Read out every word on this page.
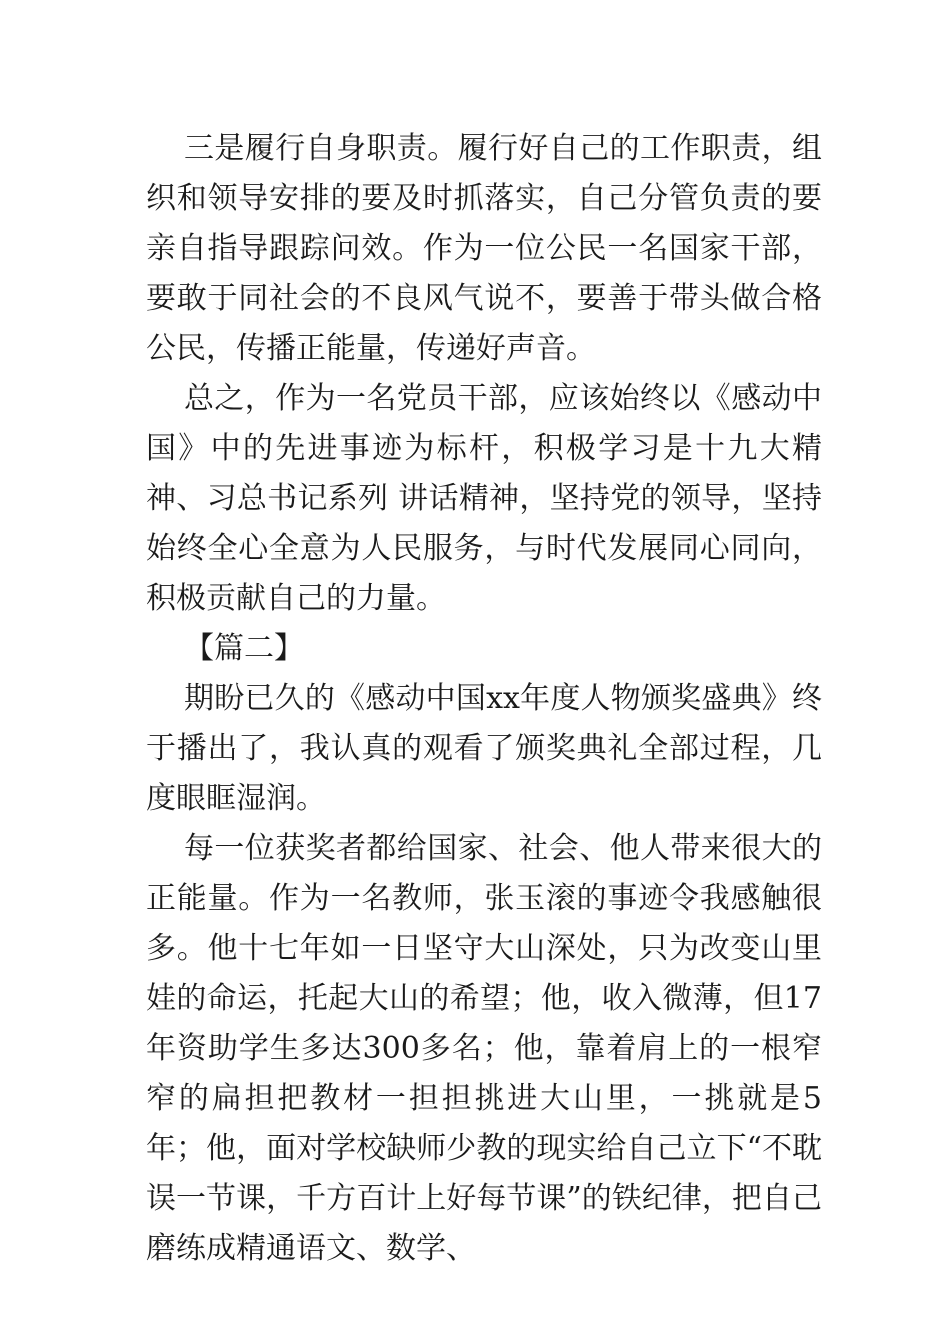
三是履行自身职责。履行好自己的工作职责，组织和领导安排的要及时抓落实，自己分管负责的要亲自指导跟踪问效。作为一位公民一名国家干部，要敢于同社会的不良风气说不，要善于带头做合格公民，传播正能量，传递好声音。

总之，作为一名党员干部，应该始终以《感动中国》中的先进事迹为标杆，积极学习是十九大精神、习总书记系列 讲话精神，坚持党的领导，坚持始终全心全意为人民服务，与时代发展同心同向，积极贡献自己的力量。

【篇二】

期盼已久的《感动中国xx年度人物颁奖盛典》终于播出了，我认真的观看了颁奖典礼全部过程，几度眼眶湿润。

每一位获奖者都给国家、社会、他人带来很大的正能量。作为一名教师，张玉滚的事迹令我感触很多。他十七年如一日坚守大山深处，只为改变山里娃的命运，托起大山的希望；他，收入微薄，但17年资助学生多达300多名；他，靠着肩上的一根窄窄的扁担把教材一担担挑进大山里，一挑就是5年；他，面对学校缺师少教的现实给自己立下“不耽误一节课，千方百计上好每节课”的铁纪律，把自己磨练成精通语文、数学、
